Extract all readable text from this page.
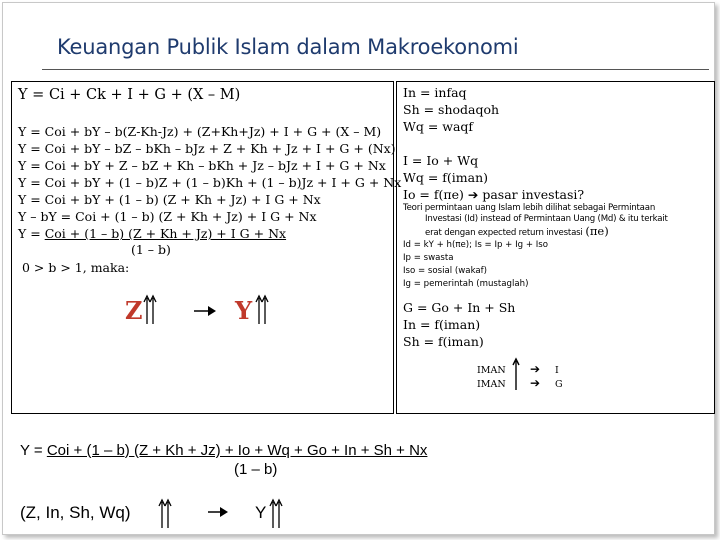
Keuangan Publik Islam dalam Makroekonomi
Y = Ci + Ck + I + G + (X – M)
Y = Coi + bY – b(Z-Kh-Jz) + (Z+Kh+Jz) + I + G + (X – M)
Y = Coi + bY – bZ – bKh – bJz + Z + Kh + Jz + I + G + (Nx)
Y = Coi + bY + Z – bZ + Kh – bKh + Jz – bJz + I + G + Nx
Y = Coi + bY + (1 – b)Z + (1 – b)Kh + (1 – b)Jz + I + G + Nx
Y = Coi + bY + (1 – b) (Z + Kh + Jz) + I G + Nx
Y – bY = Coi + (1 – b) (Z + Kh + Jz) + I G + Nx
Y = Coi + (1 – b) (Z + Kh + Jz) + I G + Nx
(1 – b)
0 > b > 1, maka:
Z	Y
In = infaq
Sh = shodaqoh
Wq = waqf
I = Io + Wq
Wq = f(iman)
Io = f(πe) ➔ pasar investasi?
Teori permintaan uang Islam lebih dilihat sebagai Permintaan
Investasi (Id) instead of Permintaan Uang (Md) & itu terkait
erat dengan expected return investasi (πe)
Id = kY + h(πe); Is = Ip + Ig + Iso
Ip = swasta
Iso = sosial (wakaf)
Ig = pemerintah (mustaglah)
G = Go + In + Sh
In = f(iman)
Sh = f(iman)
IMAN
IMAN
➔
➔
I
G
Y = Coi + (1 – b) (Z + Kh + Jz) + Io + Wq + Go + In + Sh + Nx
(1 – b)
(Z, In, Sh, Wq)	Y
